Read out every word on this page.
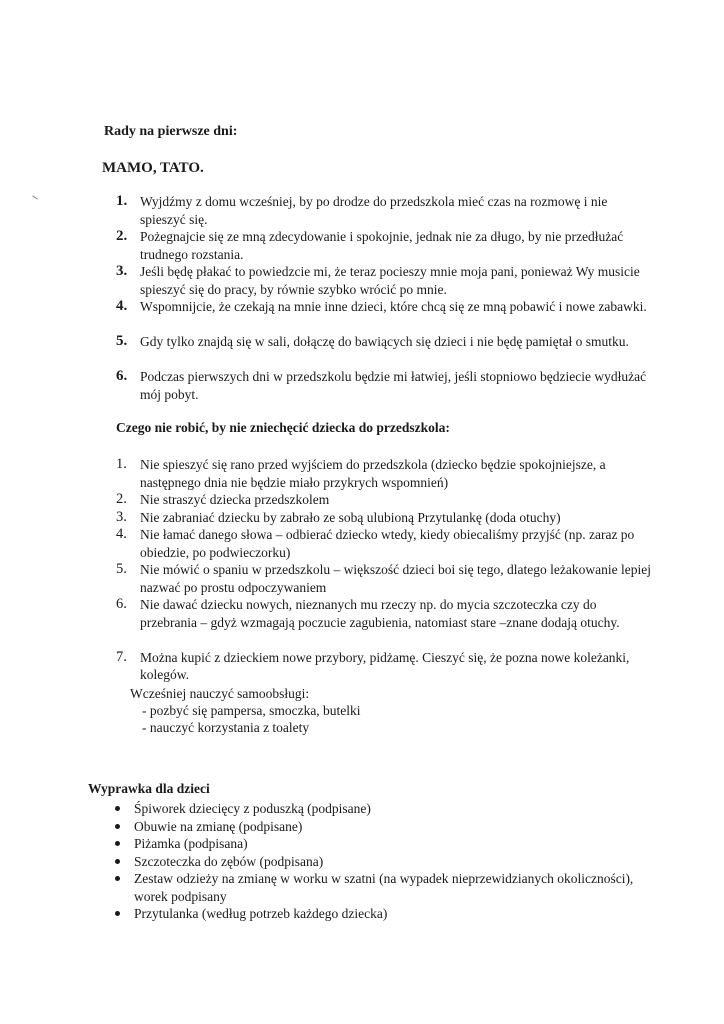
Rady na pierwsze dni:
MAMO, TATO.
1. Wyjdźmy z domu wcześniej, by po drodze do przedszkola mieć czas na rozmowę i nie spieszyć się.
2. Pożegnajcie się ze mną zdecydowanie i spokojnie, jednak nie za długo, by nie przedłużać trudnego rozstania.
3. Jeśli będę płakać to powiedzcie mi, że teraz pocieszy mnie moja pani, ponieważ Wy musicie spieszyć się do pracy, by równie szybko wrócić po mnie.
4. Wspomnijcie, że czekają na mnie inne dzieci, które chcą się ze mną pobawić i nowe zabawki.
5. Gdy tylko znajdą się w sali, dołączę do bawiących się dzieci i nie będę pamiętał o smutku.
6. Podczas pierwszych dni w przedszkolu będzie mi łatwiej, jeśli stopniowo będziecie wydłużać mój pobyt.
Czego nie robić, by nie zniechęcić dziecka do przedszkola:
1. Nie spieszyć się rano przed wyjściem do przedszkola (dziecko będzie spokojniejsze, a następnego dnia nie będzie miało przykrych wspomnień)
2. Nie straszyć dziecka przedszkolem
3. Nie zabraniać dziecku by zabrało ze sobą ulubioną Przytulankę (doda otuchy)
4. Nie łamać danego słowa – odbierać dziecko wtedy, kiedy obiecaliśmy przyjść (np. zaraz po obiedzie, po podwieczorku)
5. Nie mówić o spaniu w przedszkolu – większość dzieci boi się tego, dlatego leżakowanie lepiej nazwać po prostu odpoczywaniem
6. Nie dawać dziecku nowych, nieznanych mu rzeczy np. do mycia szczoteczka czy do przebrania – gdyż wzmagają poczucie zagubienia, natomiast stare –znane dodają otuchy.
7. Można kupić z dzieckiem nowe przybory, pidżamę. Cieszyć się, że pozna nowe koleżanki, kolegów.
Wcześniej nauczyć samoobsługi:
- pozbyć się pampersa, smoczka, butelki
- nauczyć korzystania z toalety
Wyprawka dla dzieci
Śpiworek dziecięcy z poduszką (podpisane)
Obuwie na zmianę (podpisane)
Piżamka (podpisana)
Szczoteczka do zębów (podpisana)
Zestaw odzieży na zmianę w worku w szatni (na wypadek nieprzewidzianych okoliczności), worek podpisany
Przytulanka (według potrzeb każdego dziecka)
